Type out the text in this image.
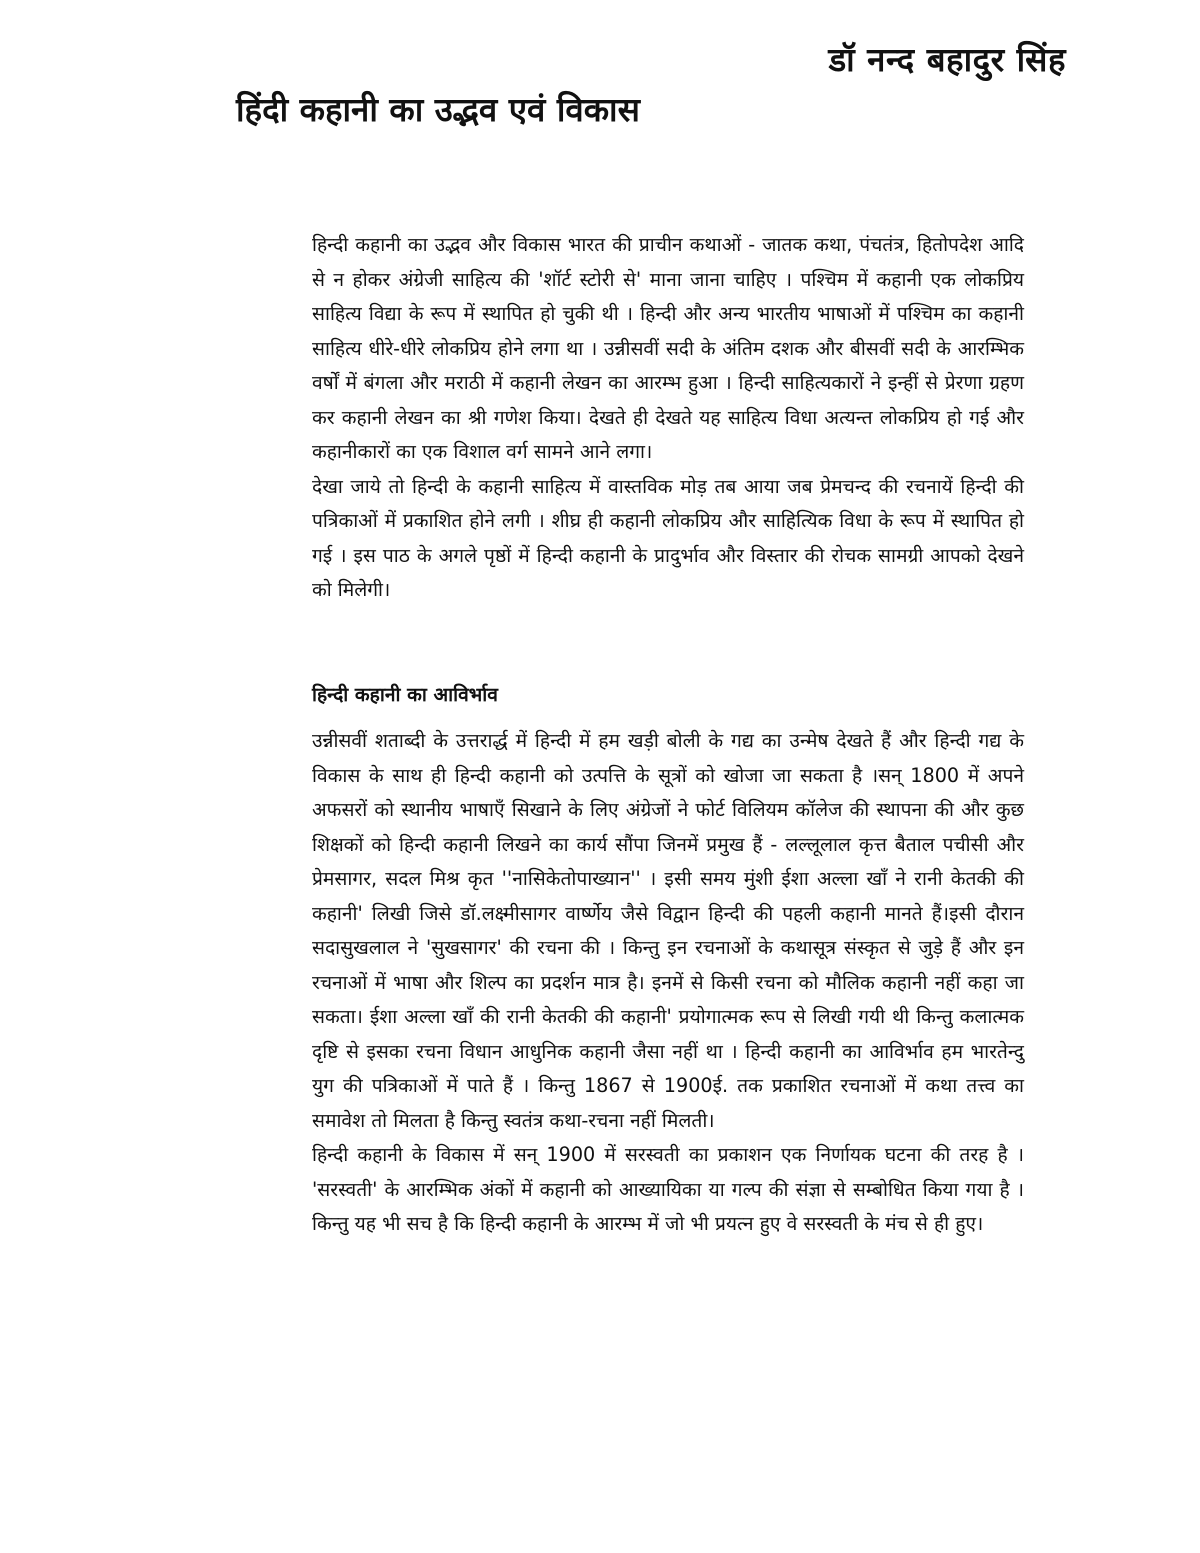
डॉ नन्द बहादुर सिंह
हिंदी कहानी का उद्भव एवं विकास

हिन्दी कहानी का उद्भव और विकास भारत की प्राचीन कथाओं - जातक कथा, पंचतंत्र, हितोपदेश आदि से न होकर अंग्रेजी साहित्य की 'शॉर्ट स्टोरी से' माना जाना चाहिए । पश्चिम में कहानी एक लोकप्रिय साहित्य विद्या के रूप में स्थापित हो चुकी थी । हिन्दी और अन्य भारतीय भाषाओं में पश्चिम का कहानी साहित्य धीरे-धीरे लोकप्रिय होने लगा था । उन्नीसवीं सदी के अंतिम दशक और बीसवीं सदी के आरम्भिक वर्षों में बंगला और मराठी में कहानी लेखन का आरम्भ हुआ । हिन्दी साहित्यकारों ने इन्हीं से प्रेरणा ग्रहण कर कहानी लेखन का श्री गणेश किया। देखते ही देखते यह साहित्य विधा अत्यन्त लोकप्रिय हो गई और कहानीकारों का एक विशाल वर्ग सामने आने लगा।

देखा जाये तो हिन्दी के कहानी साहित्य में वास्तविक मोड़ तब आया जब प्रेमचन्द की रचनायें हिन्दी की पत्रिकाओं में प्रकाशित होने लगी । शीघ्र ही कहानी लोकप्रिय और साहित्यिक विधा के रूप में स्थापित हो गई । इस पाठ के अगले पृष्ठों में हिन्दी कहानी के प्रादुर्भाव और विस्तार की रोचक सामग्री आपको देखने को मिलेगी।

हिन्दी कहानी का आविर्भाव

उन्नीसवीं शताब्दी के उत्तरार्द्ध में हिन्दी में हम खड़ी बोली के गद्य का उन्मेष देखते हैं और हिन्दी गद्य के विकास के साथ ही हिन्दी कहानी को उत्पत्ति के सूत्रों को खोजा जा सकता है ।सन् 1800 में अपने अफसरों को स्थानीय भाषाएँ सिखाने के लिए अंग्रेजों ने फोर्ट विलियम कॉलेज की स्थापना की और कुछ शिक्षकों को हिन्दी कहानी लिखने का कार्य सौंपा जिनमें प्रमुख हैं - लल्लूलाल कृत्त बैताल पचीसी और प्रेमसागर, सदल मिश्र कृत ''नासिकेतोपाख्यान'' । इसी समय मुंशी ईशा अल्ला खाँ ने रानी केतकी की कहानी' लिखी जिसे डॉ.लक्ष्मीसागर वार्ष्णेय जैसे विद्वान हिन्दी की पहली कहानी मानते हैं।इसी दौरान सदासुखलाल ने 'सुखसागर' की रचना की । किन्तु इन रचनाओं के कथासूत्र संस्कृत से जुड़े हैं और इन रचनाओं में भाषा और शिल्प का प्रदर्शन मात्र है। इनमें से किसी रचना को मौलिक कहानी नहीं कहा जा सकता। ईशा अल्ला खाँ की रानी केतकी की कहानी' प्रयोगात्मक रूप से लिखी गयी थी किन्तु कलात्मक दृष्टि से इसका रचना विधान आधुनिक कहानी जैसा नहीं था । हिन्दी कहानी का आविर्भाव हम भारतेन्दु युग की पत्रिकाओं में पाते हैं । किन्तु 1867 से 1900ई. तक प्रकाशित रचनाओं में कथा तत्त्व का समावेश तो मिलता है किन्तु स्वतंत्र कथा-रचना नहीं मिलती।

हिन्दी कहानी के विकास में सन् 1900 में सरस्वती का प्रकाशन एक निर्णायक घटना की तरह है । 'सरस्वती' के आरम्भिक अंकों में कहानी को आख्यायिका या गल्प की संज्ञा से सम्बोधित किया गया है । किन्तु यह भी सच है कि हिन्दी कहानी के आरम्भ में जो भी प्रयत्न हुए वे सरस्वती के मंच से ही हुए।
